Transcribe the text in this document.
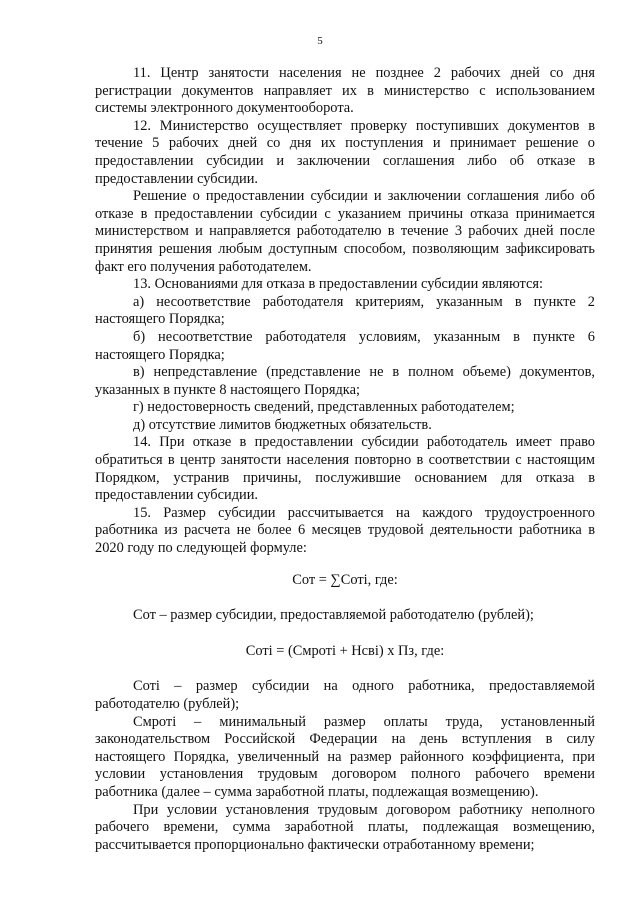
5

11. Центр занятости населения не позднее 2 рабочих дней со дня регистрации документов направляет их в министерство с использованием системы электронного документооборота.

12. Министерство осуществляет проверку поступивших документов в течение 5 рабочих дней со дня их поступления и принимает решение о предоставлении субсидии и заключении соглашения либо об отказе в предоставлении субсидии.

Решение о предоставлении субсидии и заключении соглашения либо об отказе в предоставлении субсидии с указанием причины отказа принимается министерством и направляется работодателю в течение 3 рабочих дней после принятия решения любым доступным способом, позволяющим зафиксировать факт его получения работодателем.

13. Основаниями для отказа в предоставлении субсидии являются:

а) несоответствие работодателя критериям, указанным в пункте 2 настоящего Порядка;

б) несоответствие работодателя условиям, указанным в пункте 6 настоящего Порядка;

в) непредставление (представление не в полном объеме) документов, указанных в пункте 8 настоящего Порядка;

г) недостоверность сведений, представленных работодателем;

д) отсутствие лимитов бюджетных обязательств.

14. При отказе в предоставлении субсидии работодатель имеет право обратиться в центр занятости населения повторно в соответствии с настоящим Порядком, устранив причины, послужившие основанием для отказа в предоставлении субсидии.

15. Размер субсидии рассчитывается на каждого трудоустроенного работника из расчета не более 6 месяцев трудовой деятельности работника в 2020 году по следующей формуле:

Сот = ∑Соті, где:

Сот – размер субсидии, предоставляемой работодателю (рублей);

Соті = (Смроті + Нсві) х Пз, где:

Соті – размер субсидии на одного работника, предоставляемой работодателю (рублей);

Смроті – минимальный размер оплаты труда, установленный законодательством Российской Федерации на день вступления в силу настоящего Порядка, увеличенный на размер районного коэффициента, при условии установления трудовым договором полного рабочего времени работника (далее – сумма заработной платы, подлежащая возмещению).

При условии установления трудовым договором работнику неполного рабочего времени, сумма заработной платы, подлежащая возмещению, рассчитывается пропорционально фактически отработанному времени;
